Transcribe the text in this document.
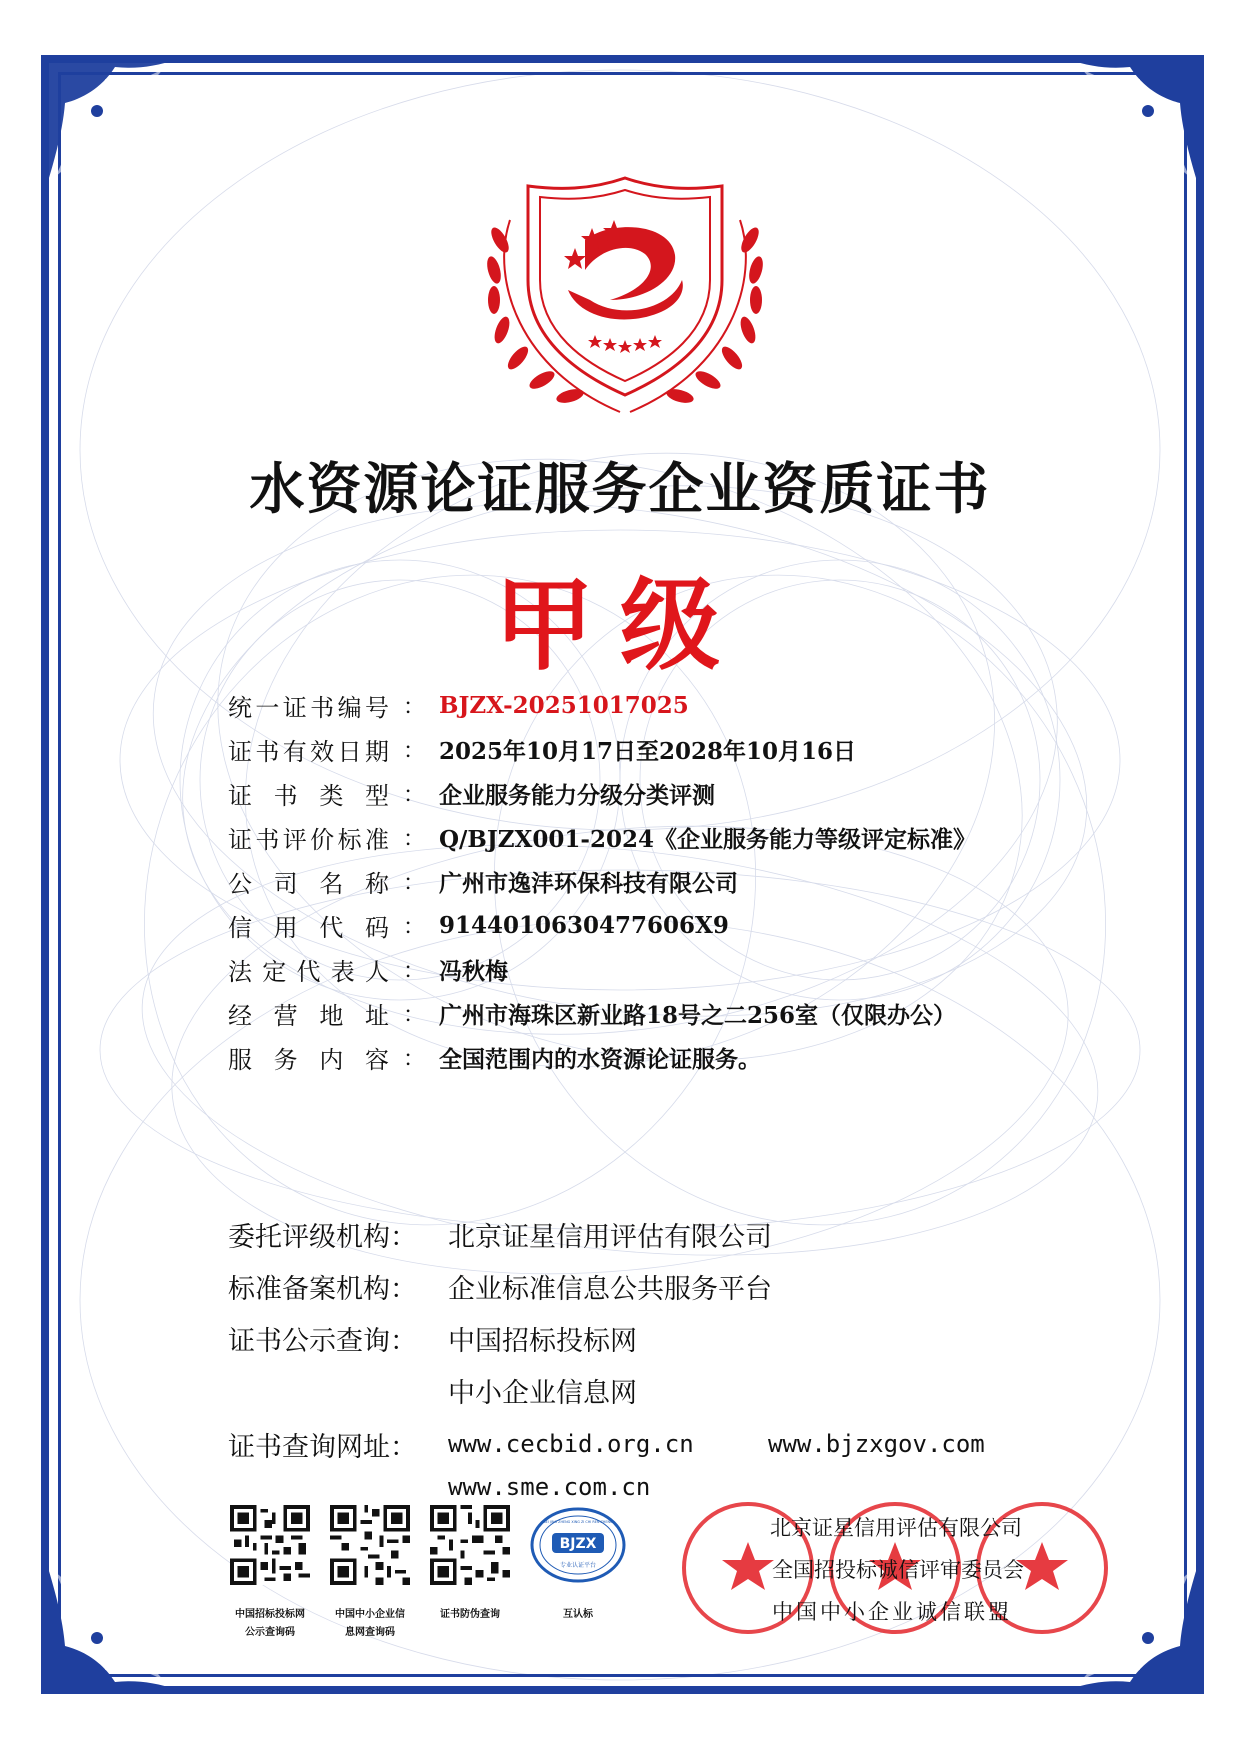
水资源论证服务企业资质证书
甲级
统 一 证 书 编 号 ： BJZX-20251017025
证 书 有 效 日 期 ： 2025年10月17日至2028年10月16日
证 书 类 型 ： 企业服务能力分级分类评测
证 书 评 价 标 准 ： Q/BJZX001-2024《企业服务能力等级评定标准》
公 司 名 称 ： 广州市逸沣环保科技有限公司
信 用 代 码 ： 9144010630477606X9
法 定 代 表 人 ： 冯秋梅
经 营 地 址 ： 广州市海珠区新业路18号之二256室（仅限办公）
服 务 内 容 ： 全国范围内的水资源论证服务。
委托评级机构：	北京证星信用评估有限公司
标准备案机构：	企业标准信息公共服务平台
证书公示查询：	中国招标投标网
中小企业信息网
证书查询网址：	www.cecbid.org.cn	www.bjzxgov.com
www.sme.com.cn
BJZX
专业认证平台
BEI JING ZHENG XING ZI CHI REN ZHENG
中国招标投标网
公示查询码
中国中小企业信
息网查询码
证书防伪查询	互认标
北京证星信用评估有限公司
全国招投标诚信评审委员会
中国中小企业诚信联盟
